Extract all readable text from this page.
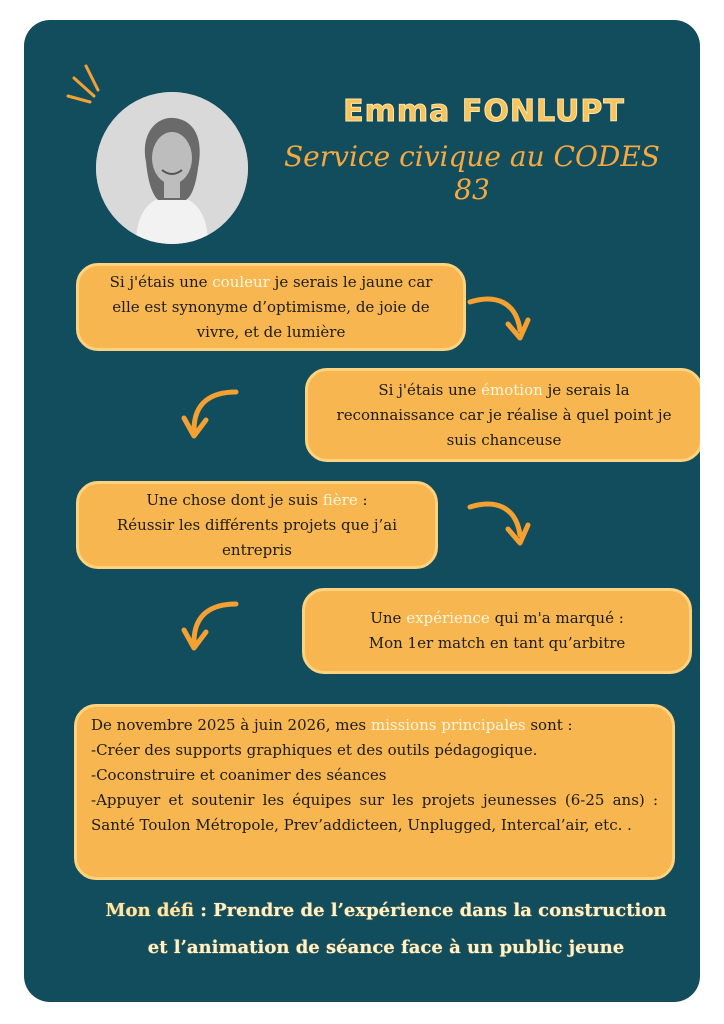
Emma FONLUPT
Service civique au CODES 83
Si j'étais une couleur je serais le jaune car
elle est synonyme d’optimisme, de joie de
vivre, et de lumière
Si j'étais une émotion je serais la
reconnaissance car je réalise à quel point je
suis chanceuse
Une chose dont je suis fière :
Réussir les différents projets que j’ai
entrepris
Une expérience qui m'a marqué :
Mon 1er match en tant qu’arbitre
De novembre 2025 à juin 2026, mes missions principales sont :
-Créer des supports graphiques et des outils pédagogique.
-Coconstruire et coanimer des séances
-Appuyer et soutenir les équipes sur les projets jeunesses (6-25 ans) : Santé Toulon Métropole, Prev’addicteen, Unplugged, Intercal’air, etc. .
Mon défi : Prendre de l’expérience dans la construction et l’animation de séance face à un public jeune
